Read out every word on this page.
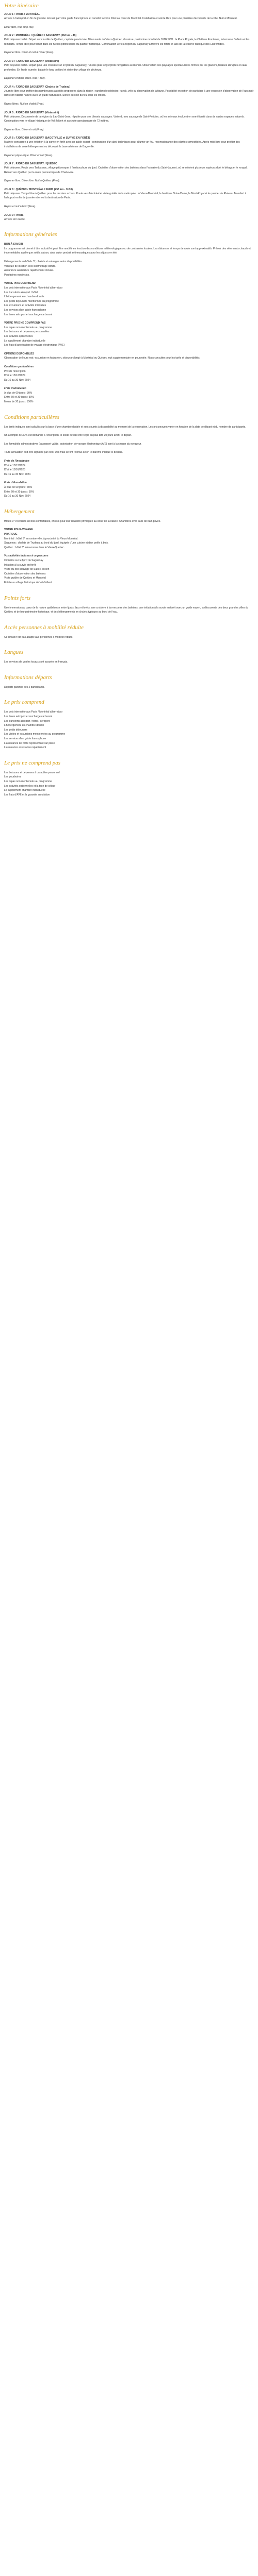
Votre itinéraire

JOUR 1 : PARIS / MONTRÉAL

Arrivée à l'aéroport en fin de journée. Accueil par votre guide francophone et transfert à votre hôtel au cœur de Montréal. Installation et soirée libre pour une première découverte de la ville. Nuit à Montréal.

Dîner libre, Nuit au (Free).

JOUR 2 : MONTRÉAL / QUÉBEC / SAGUENAY (362 km - 4h)

Petit déjeuner buffet. Départ vers la ville de Québec, capitale provinciale. Découverte du Vieux-Québec, classé au patrimoine mondial de l'UNESCO : la Place Royale, le Château Frontenac, la terrasse Dufferin et les remparts. Temps libre pour flâner dans les ruelles pittoresques du quartier historique. Continuation vers la région du Saguenay à travers les forêts et lacs de la réserve faunique des Laurentides.

Déjeuner libre. Dîner et nuit à l'hôtel (Free).

JOUR 3 : FJORD DU SAGUENAY (Mistassini)

Petit déjeuner buffet. Départ pour une croisière sur le fjord du Saguenay, l'un des plus longs fjords navigables au monde. Observation des paysages spectaculaires formés par les glaciers, falaises abruptes et eaux profondes. En fin de journée, balade le long du fjord et visite d'un village de pêcheurs.

Déjeuner et dîner libres. Nuit (Free).

JOUR 4 : FJORD DU SAGUENAY (Chalets de Trudeau)

Journée libre pour profiter des nombreuses activités proposées dans la région : randonnée pédestre, kayak, vélo ou observation de la faune. Possibilité en option de participer à une excursion d'observation de l'ours noir dans son habitat naturel avec un guide naturaliste. Soirée au coin du feu sous les étoiles.

Repas libres. Nuit en chalet (Free).

JOUR 5 : FJORD DU SAGUENAY (Mistassini)

Petit déjeuner. Découverte de la région du Lac-Saint-Jean, réputée pour ses bleuets sauvages. Visite du zoo sauvage de Saint-Félicien, où les animaux évoluent en semi-liberté dans de vastes espaces naturels. Continuation vers le village historique de Val-Jalbert et sa chute spectaculaire de 72 mètres.

Déjeuner libre. Dîner et nuit (Free).

JOUR 6 : FJORD DU SAGUENAY (BAGOTVILLE et SURVIE EN FORÊT)

Matinée consacrée à une initiation à la survie en forêt avec un guide expert : construction d'un abri, techniques pour allumer un feu, reconnaissance des plantes comestibles. Après-midi libre pour profiter des installations de votre hébergement ou découvrir la base aérienne de Bagotville.

Déjeuner pique-nique. Dîner et nuit (Free).

JOUR 7 : FJORD DU SAGUENAY / QUÉBEC

Petit déjeuner. Route vers Tadoussac, village pittoresque à l'embouchure du fjord. Croisière d'observation des baleines dans l'estuaire du Saint-Laurent, où se côtoient plusieurs espèces dont le béluga et le rorqual. Retour vers Québec par la route panoramique de Charlevoix.

Déjeuner libre. Dîner libre. Nuit à Québec (Free).

JOUR 8 : QUÉBEC / MONTRÉAL / PARIS (253 km - 3h30)

Petit déjeuner. Temps libre à Québec pour les derniers achats. Route vers Montréal et visite guidée de la métropole : le Vieux-Montréal, la basilique Notre-Dame, le Mont-Royal et le quartier du Plateau. Transfert à l'aéroport en fin de journée et envol à destination de Paris.

Repas et nuit à bord (Free).

JOUR 9 : PARIS

Arrivée en France.

Informations générales

BON À SAVOIR

Le programme est donné à titre indicatif et peut être modifié en fonction des conditions météorologiques ou de contraintes locales. Les distances et temps de route sont approximatifs. Prévoir des vêtements chauds et imperméables quelle que soit la saison, ainsi qu'un produit anti-moustiques pour les séjours en été.

Hébergements en hôtels 3*, chalets et auberges selon disponibilités.

Véhicule de location avec kilométrage illimité.

Assurance assistance rapatriement incluse.

Pourboires non inclus.

VOTRE PRIX COMPREND

Les vols internationaux Paris / Montréal aller-retour

Les transferts aéroport / hôtel

L'hébergement en chambre double

Les petits déjeuners mentionnés au programme

Les excursions et activités indiquées

Les services d'un guide francophone

Les taxes aéroport et surcharge carburant

VOTRE PRIX NE COMPREND PAS

Les repas non mentionnés au programme

Les boissons et dépenses personnelles

Les activités optionnelles

Le supplément chambre individuelle

Les frais d'autorisation de voyage électronique (AVE)

OPTIONS DISPONIBLES

Observation de l'ours noir, excursion en hydravion, séjour prolongé à Montréal ou Québec, nuit supplémentaire en pourvoirie. Nous consulter pour les tarifs et disponibilités.

Conditions particulières

Prix de l'inscription

D'ici le 15/12/2024

Du 16 au 30 Nov. 2024

Frais d'annulation

À plus de 60 jours : 30%

Entre 60 et 30 jours : 50%

Moins de 30 jours : 100%

Conditions particulières

Les tarifs indiqués sont calculés sur la base d'une chambre double et sont soumis à disponibilité au moment de la réservation. Les prix peuvent varier en fonction de la date de départ et du nombre de participants.

Un acompte de 30% est demandé à l'inscription, le solde devant être réglé au plus tard 30 jours avant le départ.

Les formalités administratives (passeport valide, autorisation de voyage électronique AVE) sont à la charge du voyageur.

Toute annulation doit être signalée par écrit. Des frais seront retenus selon le barème indiqué ci-dessus.

Frais de l'Inscription

D'ici le 15/12/2024

D'ici le 15/01/2025

Du 16 au 30 Nov. 2024

Frais d'Annulation

À plus de 60 jours : 30%

Entre 60 et 30 jours : 50%

Du 16 au 30 Nov. 2024

Hébergement

Hôtels 3* et chalets en bois confortables, choisis pour leur situation privilégiée au cœur de la nature. Chambres avec salle de bain privée.

VOTRE POUR-VOYAGE

PRATIQUE

Montréal : hôtel 3* en centre-ville, à proximité du Vieux-Montréal.

Saguenay : chalets de Trudeau au bord du fjord, équipés d'une cuisine et d'un poêle à bois.

Québec : hôtel 3* intra-muros dans le Vieux-Québec.

Vos activités incluses à ce parcours

Croisière sur le fjord du Saguenay

Initiation à la survie en forêt

Visite du zoo sauvage de Saint-Félicien

Croisière d'observation des baleines

Visite guidée de Québec et Montréal

Entrée au village historique de Val-Jalbert

Points forts

Une immersion au cœur de la nature québécoise entre fjords, lacs et forêts, une croisière à la rencontre des baleines, une initiation à la survie en forêt avec un guide expert, la découverte des deux grandes villes du Québec et de leur patrimoine historique, et des hébergements en chalets typiques au bord de l'eau.

Accès personnes à mobilité réduite

Ce circuit n'est pas adapté aux personnes à mobilité réduite.

Langues

Les services de guides locaux sont assurés en français.

Informations départs

Départs garantis dès 2 participants.

Le prix comprend

Les vols internationaux Paris / Montréal aller-retour

Les taxes aéroport et surcharge carburant

Les transferts aéroport / hôtel / aéroport

L'hébergement en chambre double

Les petits déjeuners

Les visites et excursions mentionnées au programme

Les services d'un guide francophone

L'assistance de notre représentant sur place

L'assurance assistance rapatriement

Le prix ne comprend pas

Les boissons et dépenses à caractère personnel

Les pourboires

Les repas non mentionnés au programme

Les activités optionnelles et la taxe de séjour

Le supplément chambre individuelle

Les frais d'AVE et la garantie annulation
